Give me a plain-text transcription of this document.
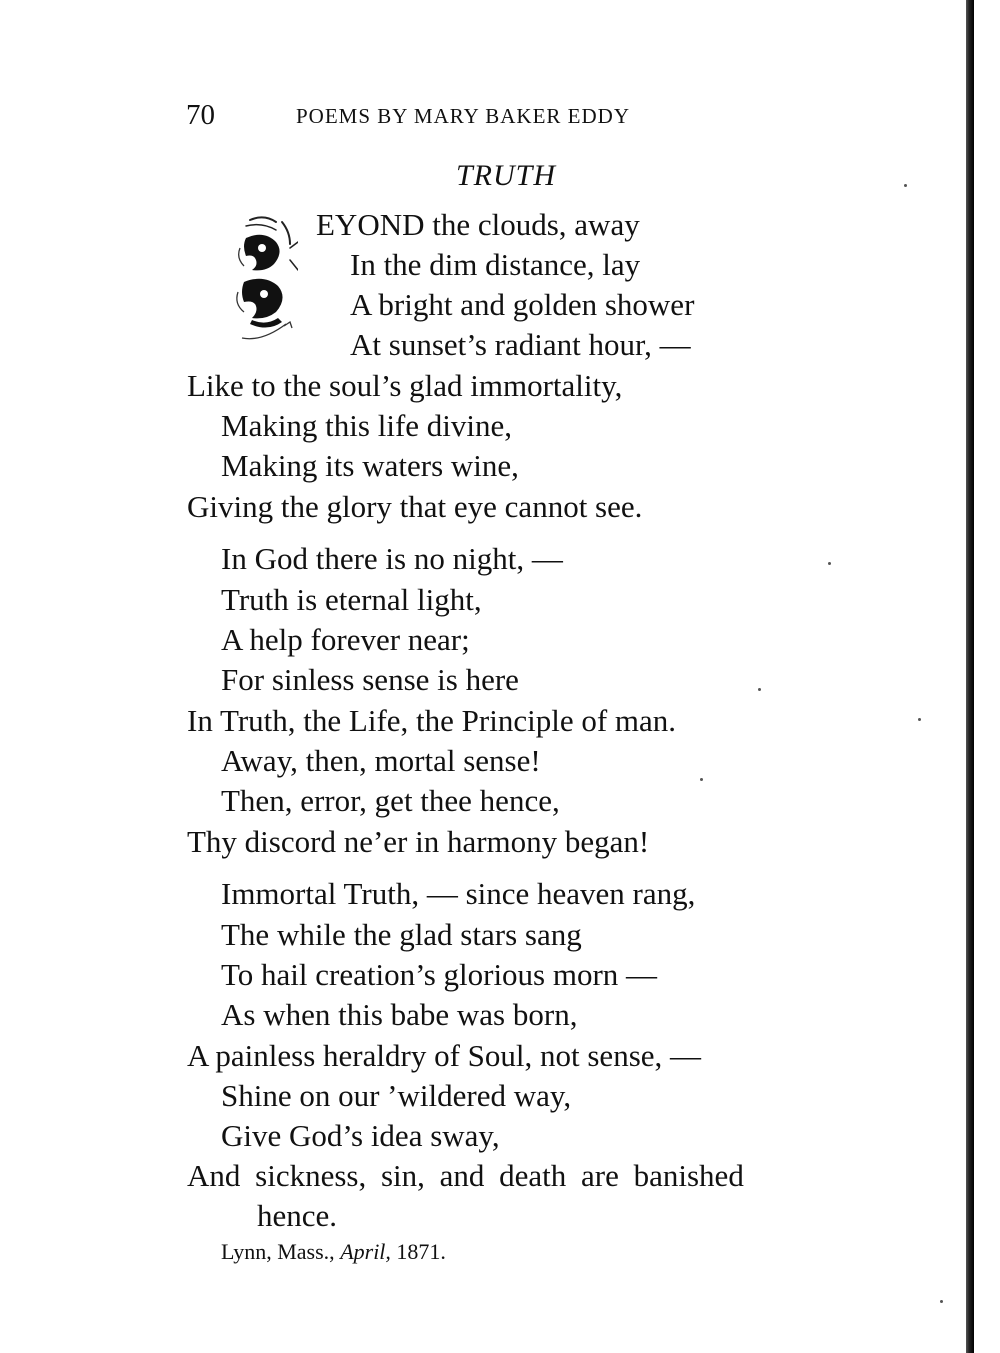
70	POEMS BY MARY BAKER EDDY
TRUTH
EYOND the clouds, away
In the dim distance, lay
A bright and golden shower
At sunset’s radiant hour, —
Like to the soul’s glad immortality,
Making this life divine,
Making its waters wine,
Giving the glory that eye cannot see.
In God there is no night, —
Truth is eternal light,
A help forever near;
For sinless sense is here
In Truth, the Life, the Principle of man.
Away, then, mortal sense!
Then, error, get thee hence,
Thy discord ne’er in harmony began!
Immortal Truth, — since heaven rang,
The while the glad stars sang
To hail creation’s glorious morn —
As when this babe was born,
A painless heraldry of Soul, not sense, —
Shine on our ’wildered way,
Give God’s idea sway,
And sickness, sin, and death are banished
hence.
Lynn, Mass., April, 1871.
